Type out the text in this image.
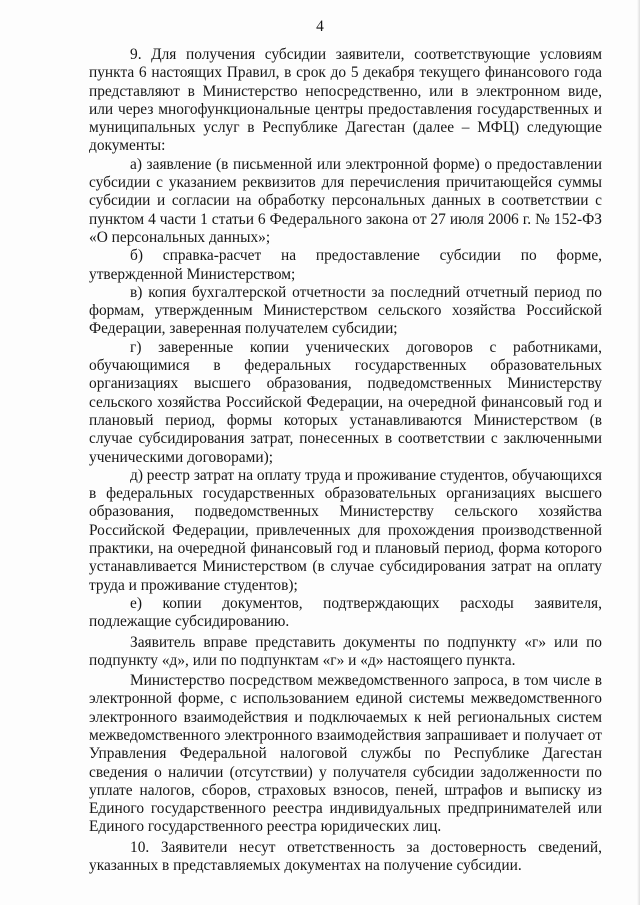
4

9. Для получения субсидии заявители, соответствующие условиям пункта 6 настоящих Правил, в срок до 5 декабря текущего финансового года представляют в Министерство непосредственно, или в электронном виде, или через многофункциональные центры предоставления государственных и муниципальных услуг в Республике Дагестан (далее – МФЦ) следующие документы:

а) заявление (в письменной или электронной форме) о предоставлении субсидии с указанием реквизитов для перечисления причитающейся суммы субсидии и согласии на обработку персональных данных в соответствии с пунктом 4 части 1 статьи 6 Федерального закона от 27 июля 2006 г. № 152-ФЗ «О персональных данных»;

б) справка-расчет на предоставление субсидии по форме, утвержденной Министерством;

в) копия бухгалтерской отчетности за последний отчетный период по формам, утвержденным Министерством сельского хозяйства Российской Федерации, заверенная получателем субсидии;

г) заверенные копии ученических договоров с работниками, обучающимися в федеральных государственных образовательных организациях высшего образования, подведомственных Министерству сельского хозяйства Российской Федерации, на очередной финансовый год и плановый период, формы которых устанавливаются Министерством (в случае субсидирования затрат, понесенных в соответствии с заключенными ученическими договорами);

д) реестр затрат на оплату труда и проживание студентов, обучающихся в федеральных государственных образовательных организациях высшего образования, подведомственных Министерству сельского хозяйства Российской Федерации, привлеченных для прохождения производственной практики, на очередной финансовый год и плановый период, форма которого устанавливается Министерством (в случае субсидирования затрат на оплату труда и проживание студентов);

е) копии документов, подтверждающих расходы заявителя, подлежащие субсидированию.

Заявитель вправе представить документы по подпункту «г» или по подпункту «д», или по подпунктам «г» и «д» настоящего пункта.

Министерство посредством межведомственного запроса, в том числе в электронной форме, с использованием единой системы межведомственного электронного взаимодействия и подключаемых к ней региональных систем межведомственного электронного взаимодействия запрашивает и получает от Управления Федеральной налоговой службы по Республике Дагестан сведения о наличии (отсутствии) у получателя субсидии задолженности по уплате налогов, сборов, страховых взносов, пеней, штрафов и выписку из Единого государственного реестра индивидуальных предпринимателей или Единого государственного реестра юридических лиц.

10. Заявители несут ответственность за достоверность сведений, указанных в представляемых документах на получение субсидии.
